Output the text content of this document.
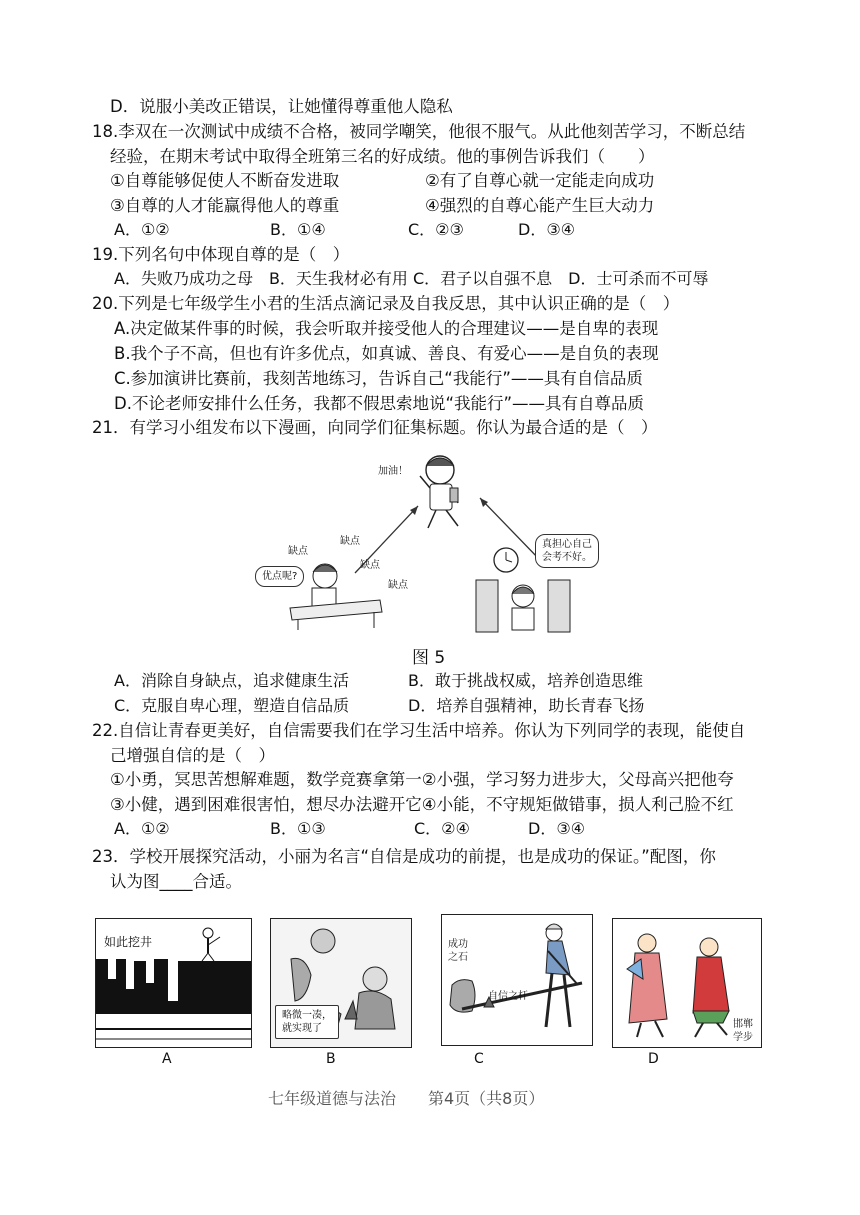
D．说服小美改正错误，让她懂得尊重他人隐私
18.李双在一次测试中成绩不合格，被同学嘲笑，他很不服气。从此他刻苦学习，不断总结
经验，在期末考试中取得全班第三名的好成绩。他的事例告诉我们（　　）
①自尊能够促使人不断奋发进取	②有了自尊心就一定能走向成功
③自尊的人才能赢得他人的尊重	④强烈的自尊心能产生巨大动力
A．①②	B．①④	C．②③	D．③④
19.下列名句中体现自尊的是（　）
A．失败乃成功之母　B．天生我材必有用 C．君子以自强不息　D．士可杀而不可辱
20.下列是七年级学生小君的生活点滴记录及自我反思，其中认识正确的是（　）
A.决定做某件事的时候，我会听取并接受他人的合理建议——是自卑的表现
B.我个子不高，但也有许多优点，如真诚、善良、有爱心——是自负的表现
C.参加演讲比赛前，我刻苦地练习，告诉自己“我能行”——具有自信品质
D.不论老师安排什么任务，我都不假思索地说“我能行”——具有自尊品质
21．有学习小组发布以下漫画，向同学们征集标题。你认为最合适的是（　）
加油！
缺点
缺点
缺点
缺点
优点呢?
真担心自己
会考不好。
图 5
A．消除自身缺点，追求健康生活	B．敢于挑战权威，培养创造思维
C．克服自卑心理，塑造自信品质	D．培养自强精神，助长青春飞扬
22.自信让青春更美好，自信需要我们在学习生活中培养。你认为下列同学的表现，能使自
己增强自信的是（　）
①小勇，冥思苦想解难题，数学竞赛拿第一②小强，学习努力进步大，父母高兴把他夸
③小健，遇到困难很害怕，想尽办法避开它④小能，不守规矩做错事，损人利己脸不红
A．①②	B．①③	C．②④	D．③④
23．学校开展探究活动，小丽为名言“自信是成功的前提，也是成功的保证。”配图，你
认为图____合适。
如此挖井
A
略微一凑，
就实现了
B
成功
之石
自信之杆
C
邯郸
学步
D
七年级道德与法治　　第4页（共8页）
